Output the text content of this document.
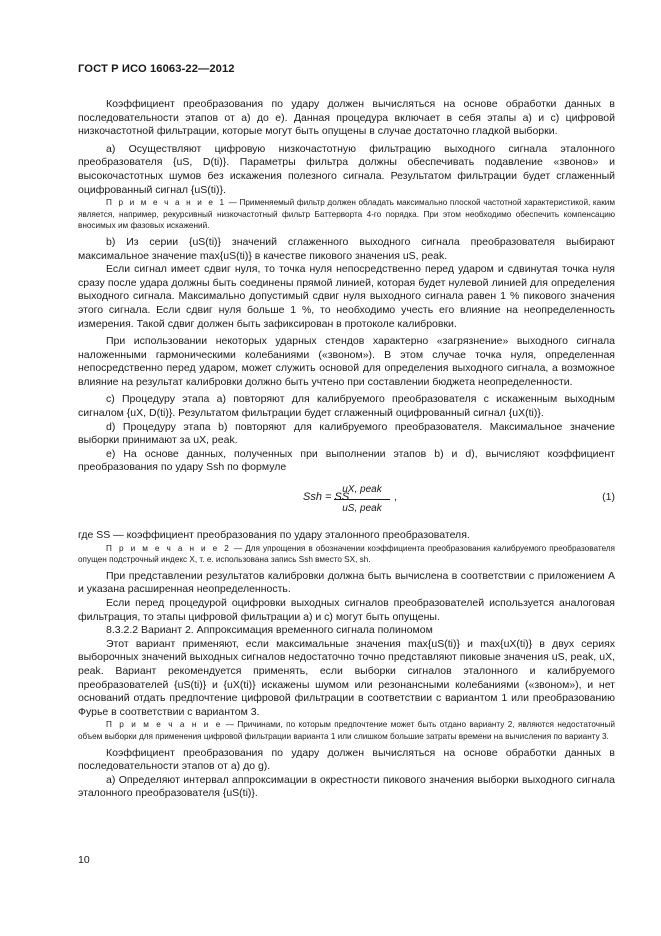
ГОСТ Р ИСО 16063-22—2012

Коэффициент преобразования по удару должен вычисляться на основе обработки данных в последовательности этапов от а) до е). Данная процедура включает в себя этапы а) и с) цифровой низкочастотной фильтрации, которые могут быть опущены в случае достаточно гладкой выборки.

а) Осуществляют цифровую низкочастотную фильтрацию выходного сигнала эталонного преобразователя {uS, D(ti)}. Параметры фильтра должны обеспечивать подавление «звонов» и высокочастотных шумов без искажения полезного сигнала. Результатом фильтрации будет сглаженный оцифрованный сигнал {uS(ti)}.

П р и м е ч а н и е 1 — Применяемый фильтр должен обладать максимально плоской частотной характеристикой, каким является, например, рекурсивный низкочастотный фильтр Баттерворта 4-го порядка. При этом необходимо обеспечить компенсацию вносимых им фазовых искажений.

b) Из серии {uS(ti)} значений сглаженного выходного сигнала преобразователя выбирают максимальное значение max{uS(ti)} в качестве пикового значения uS, peak.

Если сигнал имеет сдвиг нуля, то точка нуля непосредственно перед ударом и сдвинутая точка нуля сразу после удара должны быть соединены прямой линией, которая будет нулевой линией для определения выходного сигнала. Максимально допустимый сдвиг нуля выходного сигнала равен 1 % пикового значения этого сигнала. Если сдвиг нуля больше 1 %, то необходимо учесть его влияние на неопределенность измерения. Такой сдвиг должен быть зафиксирован в протоколе калибровки.

При использовании некоторых ударных стендов характерно «загрязнение» выходного сигнала наложенными гармоническими колебаниями («звоном»). В этом случае точка нуля, определенная непосредственно перед ударом, может служить основой для определения выходного сигнала, а возможное влияние на результат калибровки должно быть учтено при составлении бюджета неопределенности.

с) Процедуру этапа а) повторяют для калибруемого преобразователя с искаженным выходным сигналом {uX, D(ti)}. Результатом фильтрации будет сглаженный оцифрованный сигнал {uX(ti)}.

d) Процедуру этапа b) повторяют для калибруемого преобразователя. Максимальное значение выборки принимают за uX, peak.

е) На основе данных, полученных при выполнении этапов b) и d), вычисляют коэффициент преобразования по удару Ssh по формуле

Ssh = SS
uX, peak
uS, peak
,	(1)

где SS — коэффициент преобразования по удару эталонного преобразователя.

П р и м е ч а н и е 2 — Для упрощения в обозначении коэффициента преобразования калибруемого преобразователя опущен подстрочный индекс X, т. е. использована запись Ssh вместо SX, sh.

При представлении результатов калибровки должна быть вычислена в соответствии с приложением А и указана расширенная неопределенность.

Если перед процедурой оцифровки выходных сигналов преобразователей используется аналоговая фильтрация, то этапы цифровой фильтрации а) и с) могут быть опущены.

8.3.2.2 Вариант 2. Аппроксимация временного сигнала полиномом

Этот вариант применяют, если максимальные значения max{uS(ti)} и max{uX(ti)} в двух сериях выборочных значений выходных сигналов недостаточно точно представляют пиковые значения uS, peak, uX, peak. Вариант рекомендуется применять, если выборки сигналов эталонного и калибруемого преобразователей {uS(ti)} и {uX(ti)} искажены шумом или резонансными колебаниями («звоном»), и нет оснований отдать предпочтение цифровой фильтрации в соответствии с вариантом 1 или преобразованию Фурье в соответствии с вариантом 3.

П р и м е ч а н и е — Причинами, по которым предпочтение может быть отдано варианту 2, являются недостаточный объем выборки для применения цифровой фильтрации варианта 1 или слишком большие затраты времени на вычисления по варианту 3.

Коэффициент преобразования по удару должен вычисляться на основе обработки данных в последовательности этапов от а) до g).

а) Определяют интервал аппроксимации в окрестности пикового значения выборки выходного сигнала эталонного преобразователя {uS(ti)}.

10
